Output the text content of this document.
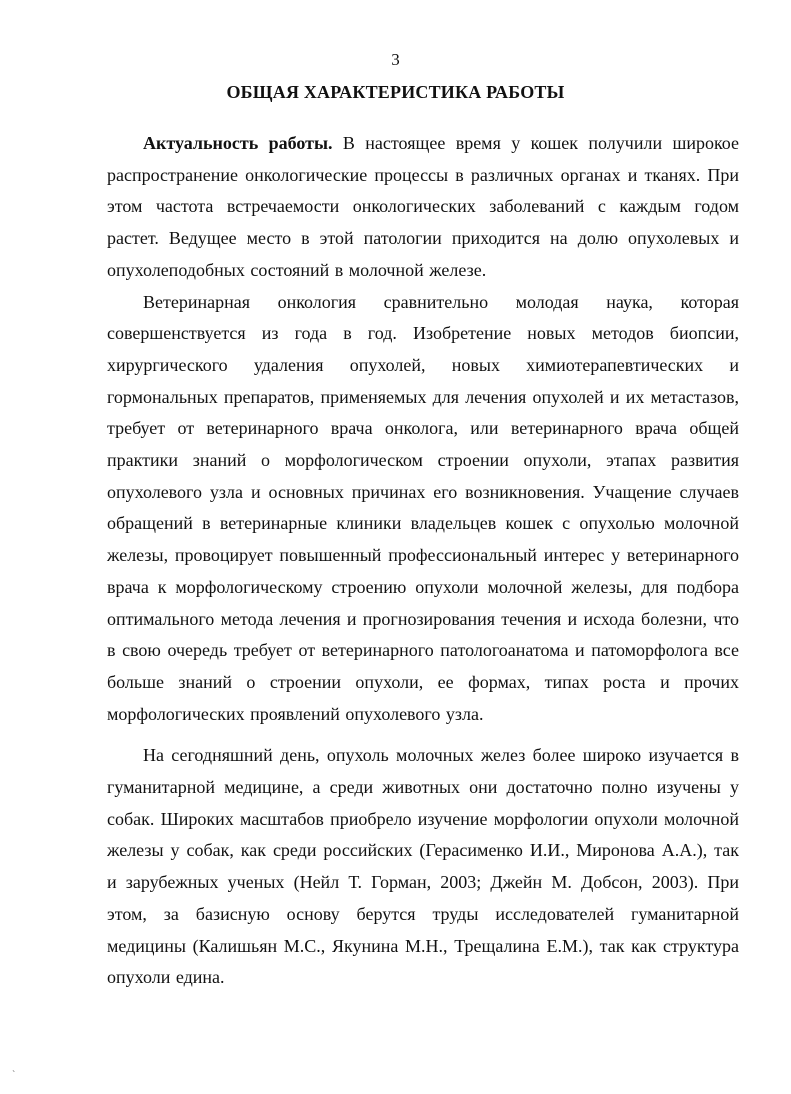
3
ОБЩАЯ ХАРАКТЕРИСТИКА РАБОТЫ

Актуальность работы. В настоящее время у кошек получили широкое распространение онкологические процессы в различных органах и тканях. При этом частота встречаемости онкологических заболеваний с каждым годом растет. Ведущее место в этой патологии приходится на долю опухолевых и опухолеподобных состояний в молочной железе.

Ветеринарная онкология сравнительно молодая наука, которая совершенствуется из года в год. Изобретение новых методов биопсии, хирургического удаления опухолей, новых химиотерапевтических и гормональных препаратов, применяемых для лечения опухолей и их метастазов, требует от ветеринарного врача онколога, или ветеринарного врача общей практики знаний о морфологическом строении опухоли, этапах развития опухолевого узла и основных причинах его возникновения. Учащение случаев обращений в ветеринарные клиники владельцев кошек с опухолью молочной железы, провоцирует повышенный профессиональный интерес у ветеринарного врача к морфологическому строению опухоли молочной железы, для подбора оптимального метода лечения и прогнозирования течения и исхода болезни, что в свою очередь требует от ветеринарного патологоанатома и патоморфолога все больше знаний о строении опухоли, ее формах, типах роста и прочих морфологических проявлений опухолевого узла.

На сегодняшний день, опухоль молочных желез более широко изучается в гуманитарной медицине, а среди животных они достаточно полно изучены у собак. Широких масштабов приобрело изучение морфологии опухоли молочной железы у собак, как среди российских (Герасименко И.И., Миронова А.А.), так и зарубежных ученых (Нейл Т. Горман, 2003; Джейн М. Добсон, 2003). При этом, за базисную основу берутся труды исследователей гуманитарной медицины (Калишьян М.С., Якунина М.Н., Трещалина Е.М.), так как структура опухоли едина.

`
